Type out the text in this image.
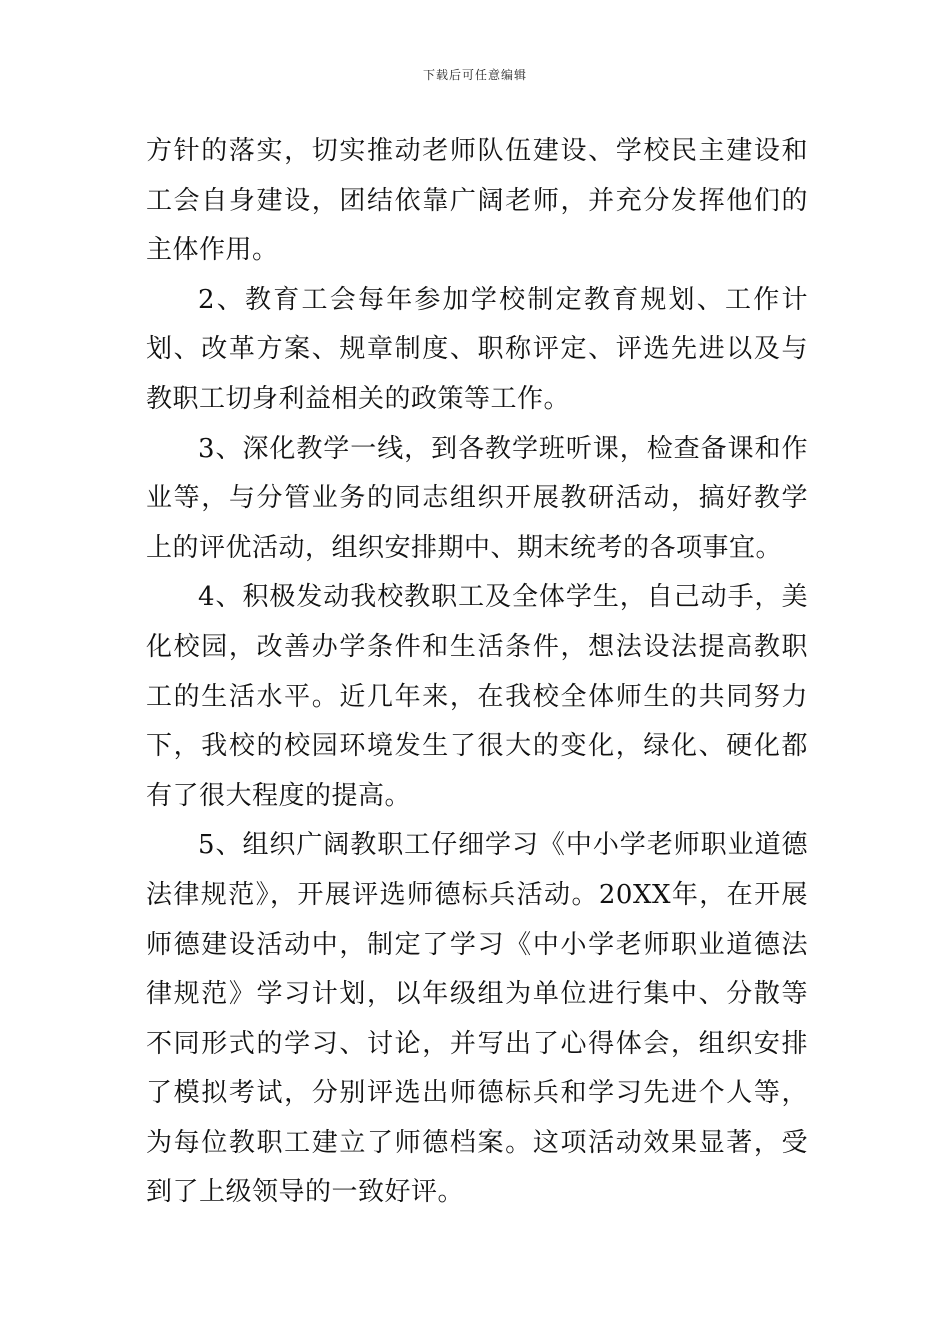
下载后可任意编辑

方针的落实，切实推动老师队伍建设、学校民主建设和工会自身建设，团结依靠广阔老师，并充分发挥他们的主体作用。

2、教育工会每年参加学校制定教育规划、工作计划、改革方案、规章制度、职称评定、评选先进以及与教职工切身利益相关的政策等工作。

3、深化教学一线，到各教学班听课，检查备课和作业等，与分管业务的同志组织开展教研活动，搞好教学上的评优活动，组织安排期中、期末统考的各项事宜。

4、积极发动我校教职工及全体学生，自己动手，美化校园，改善办学条件和生活条件，想法设法提高教职工的生活水平。近几年来，在我校全体师生的共同努力下，我校的校园环境发生了很大的变化，绿化、硬化都有了很大程度的提高。

5、组织广阔教职工仔细学习《中小学老师职业道德法律规范》，开展评选师德标兵活动。20XX年，在开展师德建设活动中，制定了学习《中小学老师职业道德法律规范》学习计划，以年级组为单位进行集中、分散等不同形式的学习、讨论，并写出了心得体会，组织安排了模拟考试，分别评选出师德标兵和学习先进个人等，为每位教职工建立了师德档案。这项活动效果显著，受到了上级领导的一致好评。
